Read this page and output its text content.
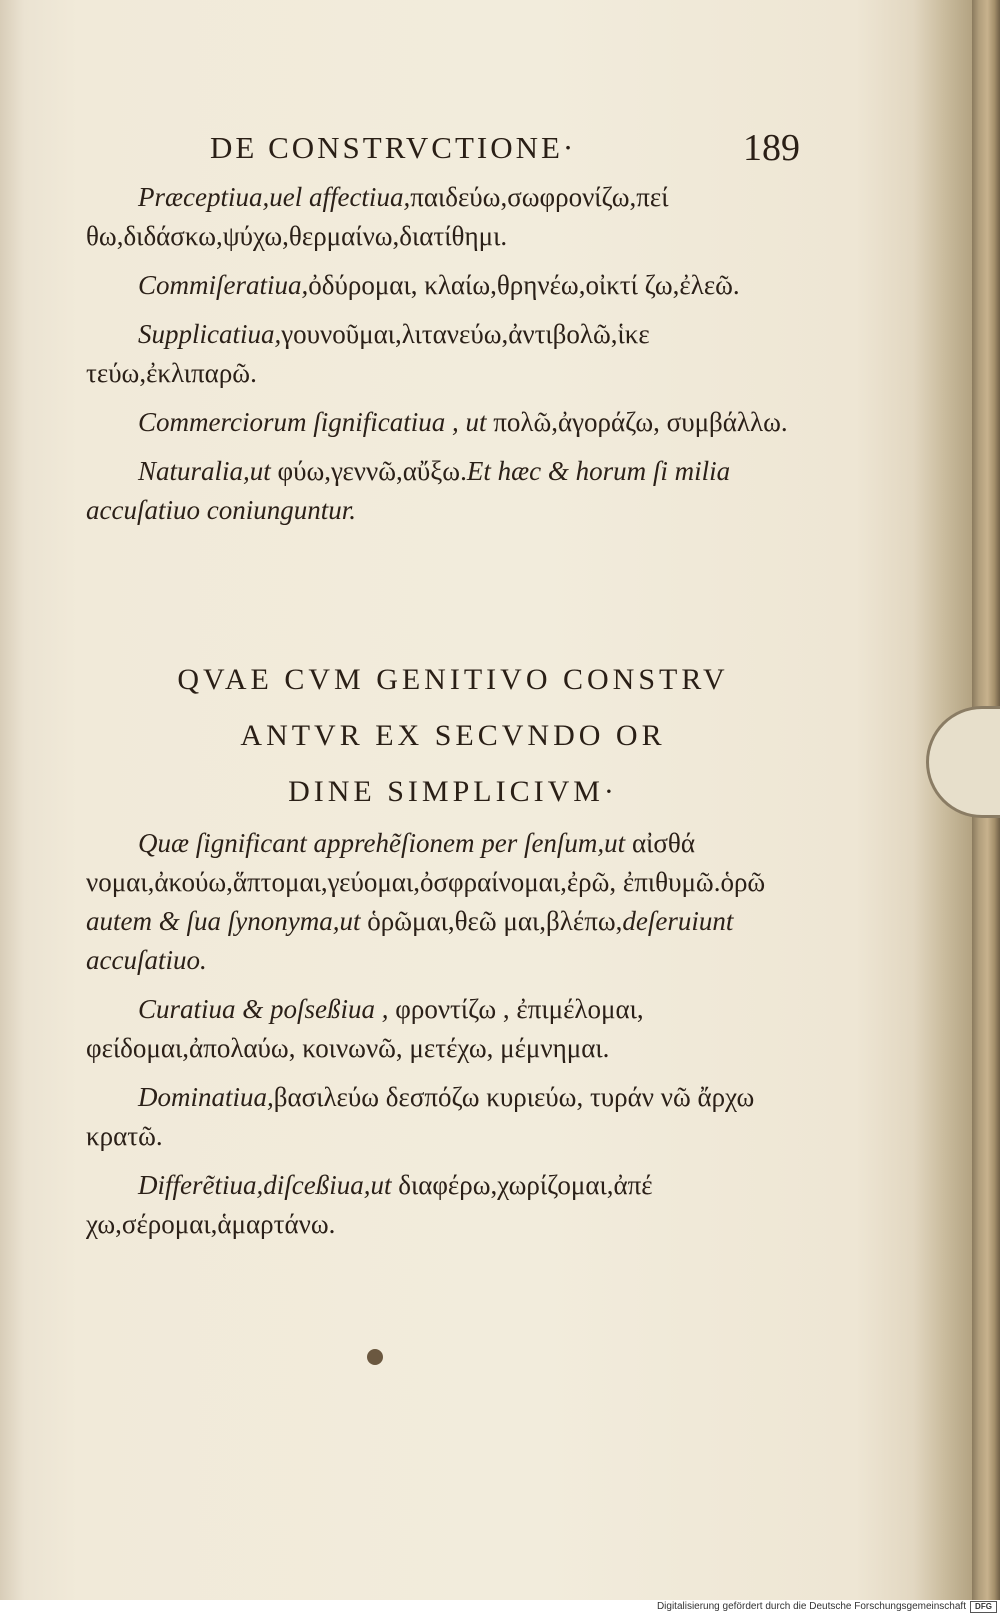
DE CONSTRVCTIONE·	189

Præceptiua,uel affectiua,παιδεύω,σωφρονίζω,πεί θω,διδάσκω,ψύχω,θερμαίνω,διατίθημι.

Commiſeratiua,ὀδύρομαι, κλαίω,θρηνέω,οἰκτί ζω,ἐλεῶ.

Supplicatiua,γουνοῦμαι,λιτανεύω,ἀντιβολῶ,ἱκε τεύω,ἐκλιπαρῶ.

Commerciorum ſignificatiua , ut πολῶ,ἀγοράζω, συμβάλλω.

Naturalia,ut φύω,γεννῶ,αὔξω.Et hæc & horum ſi milia accuſatiuo coniunguntur.

QVAE CVM GENITIVO CONSTRV
ANTVR EX SECVNDO OR
DINE SIMPLICIVM·

Quæ ſignificant apprehẽſionem per ſenſum,ut αἰσθά νομαι,ἀκούω,ἅπτομαι,γεύομαι,ὀσφραίνομαι,ἐρῶ, ἐπιθυμῶ.ὁρῶ autem & ſua ſynonyma,ut ὁρῶμαι,θεῶ μαι,βλέπω,deſeruiunt accuſatiuo.

Curatiua & poſseßiua , φροντίζω , ἐπιμέλομαι, φείδομαι,ἀπολαύω, κοινωνῶ, μετέχω, μέμνημαι.

Dominatiua,βασιλεύω δεσπόζω κυριεύω, τυράν νῶ ἄρχω κρατῶ.

Differẽtiua,diſceßiua,ut διαφέρω,χωρίζομαι,ἀπέ χω,σέρομαι,ἁμαρτάνω.

Digitalisierung gefördert durch die Deutsche Forschungsgemeinschaft	DFG
